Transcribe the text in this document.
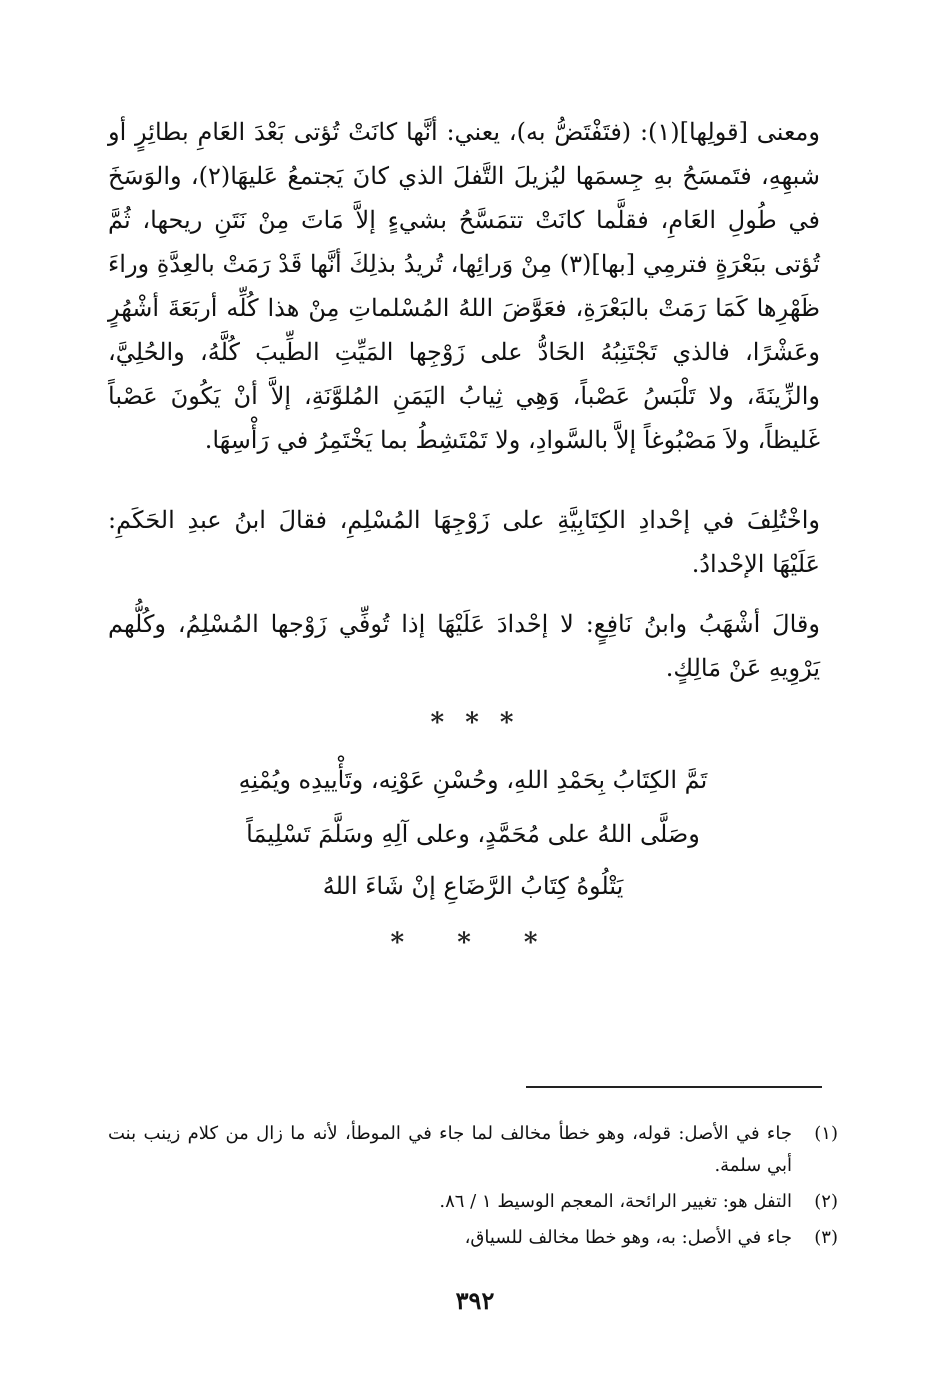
ومعنى [قولِها](١): (فتَفْتَضُّ به)، يعني: أنَّها كانَتْ تُؤتى بَعْدَ العَامِ بطائِرٍ أو شبهِهِ، فتَمسَحُ بهِ جِسمَها ليُزيلَ التَّفلَ الذي كانَ يَجتمعُ عَليهَا(٢)، والوَسَخَ في طُولِ العَامِ، فقلَّما كانَتْ تتمَسَّحُ بشيءٍ إلاَّ مَاتَ مِنْ نَتَنِ ريحها، ثُمَّ تُؤتى ببَعْرَةٍ فترمِي [بها](٣) مِنْ وَرائِها، تُريدُ بذلِكَ أنَّها قَدْ رَمَتْ بالعِدَّةِ وراءَ ظَهْرِها كَمَا رَمَتْ بالبَعْرَةِ، فعَوَّضَ اللهُ المُسْلماتِ مِنْ هذا كُلِّه أربَعَةَ أشْهُرٍ وعَشْرًا، فالذي تَجْتَنِبُهُ الحَادُّ على زَوْجِها المَيِّتِ الطِّيبَ كُلَّهُ، والحُلِيَّ، والزِّينَةَ، ولا تَلْبَسُ عَصْباً، وَهِي ثِيابُ اليَمَنِ المُلوَّنَةِ، إلاَّ أنْ يَكُونَ عَصْباً غَليظاً، ولاَ مَصْبُوغاً إلاَّ بالسَّوادِ، ولا تَمْتَشِطُ بما يَخْتَمِرُ في رَأْسِهَا.

واخْتُلِفَ في إحْدادِ الكِتَابِيَّةِ على زَوْجِهَا المُسْلِمِ، فقالَ ابنُ عبدِ الحَكَمِ: عَلَيْهَا الإحْدادُ.

وقالَ أشْهَبُ وابنُ نَافِعٍ: لا إحْدادَ عَلَيْهَا إذا تُوفِّي زَوْجها المُسْلِمُ، وكُلُّهم يَرْوِيهِ عَنْ مَالِكٍ.

* * *
تَمَّ الكِتَابُ بِحَمْدِ اللهِ، وحُسْنِ عَوْنِه، وتَأْييدِه ويُمْنِهِ
وصَلَّى اللهُ على مُحَمَّدٍ، وعلى آلِهِ وسَلَّمَ تَسْلِيمَاً
يَتْلُوهُ كِتَابُ الرَّضَاعِ إنْ شَاءَ اللهُ
* * *
(١)
جاء في الأصل: قوله، وهو خطأ مخالف لما جاء في الموطأ، لأنه ما زال من كلام زينب بنت أبي سلمة.
(٢)
التفل هو: تغيير الرائحة، المعجم الوسيط ١ / ٨٦.
(٣)
جاء في الأصل: به، وهو خطا مخالف للسياق،
٣٩٢
